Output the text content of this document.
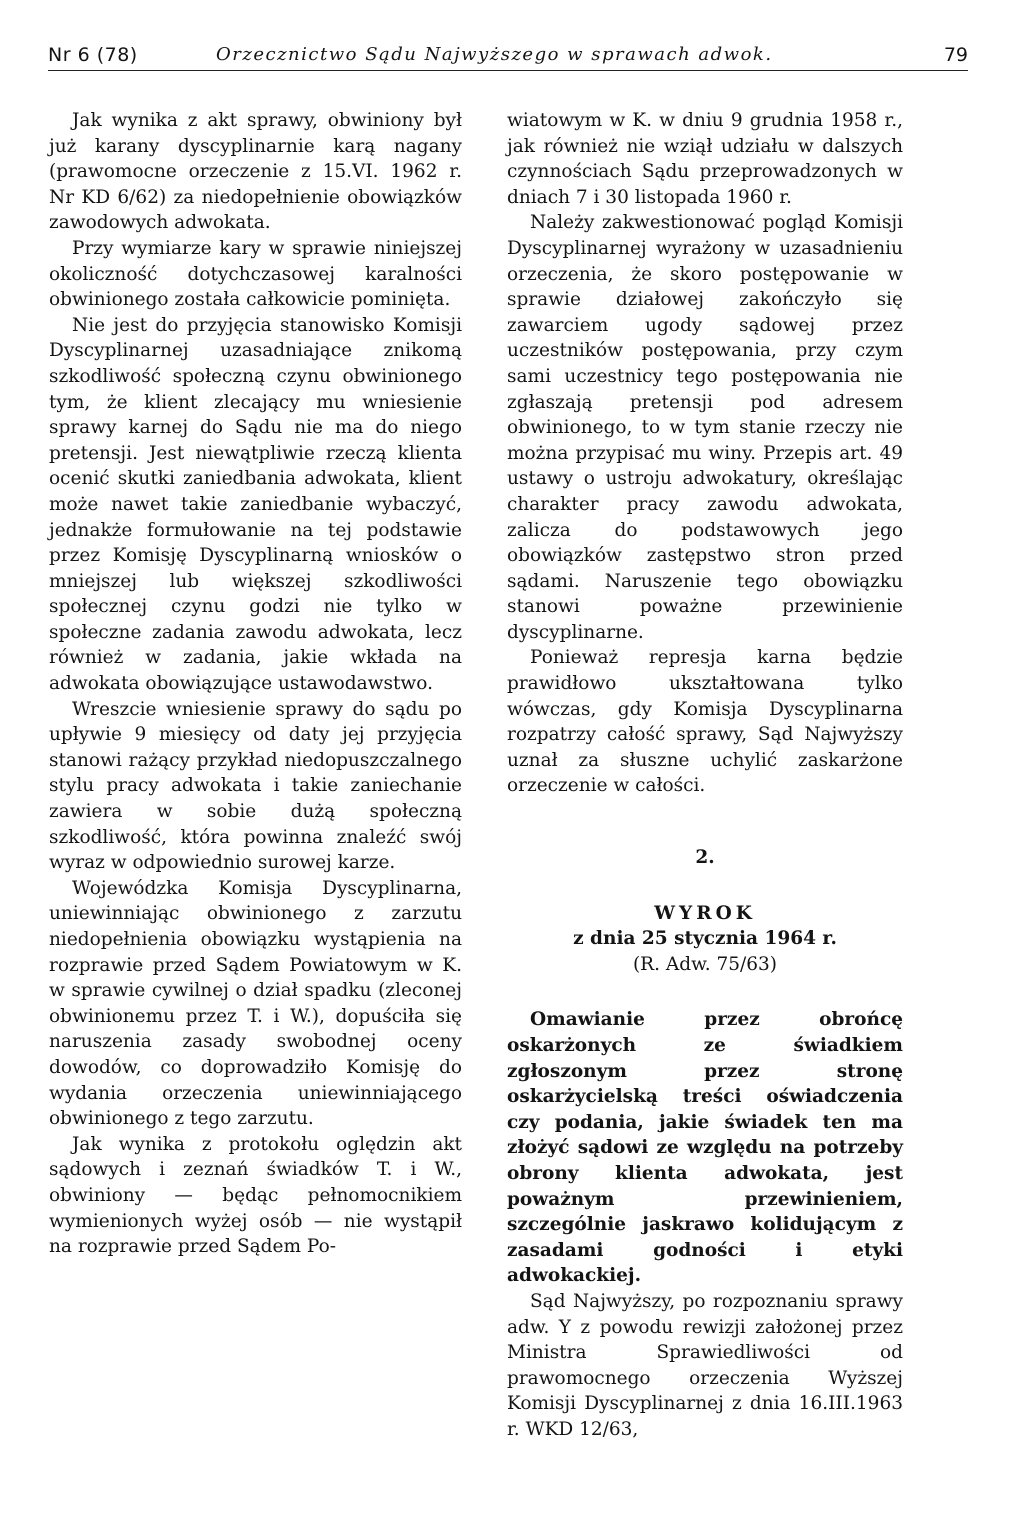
Nr 6 (78)	Orzecznictwo Sądu Najwyższego w sprawach adwok.	79

Jak wynika z akt sprawy, obwiniony był już karany dyscyplinarnie karą nagany (prawomocne orzeczenie z 15.VI. 1962 r. Nr KD 6/62) za niedopełnienie obowiązków zawodowych adwokata.

Przy wymiarze kary w sprawie niniejszej okoliczność dotychczasowej karalności obwinionego została całkowicie pominięta.

Nie jest do przyjęcia stanowisko Komisji Dyscyplinarnej uzasadniające znikomą szkodliwość społeczną czynu obwinionego tym, że klient zlecający mu wniesienie sprawy karnej do Sądu nie ma do niego pretensji. Jest niewątpliwie rzeczą klienta ocenić skutki zaniedbania adwokata, klient może nawet takie zaniedbanie wybaczyć, jednakże formułowanie na tej podstawie przez Komisję Dyscyplinarną wniosków o mniejszej lub większej szkodliwości społecznej czynu godzi nie tylko w społeczne zadania zawodu adwokata, lecz również w zadania, jakie wkłada na adwokata obowiązujące ustawodawstwo.

Wreszcie wniesienie sprawy do sądu po upływie 9 miesięcy od daty jej przyjęcia stanowi rażący przykład niedopuszczalnego stylu pracy adwokata i takie zaniechanie zawiera w sobie dużą społeczną szkodliwość, która powinna znaleźć swój wyraz w odpowiednio surowej karze.

Wojewódzka Komisja Dyscyplinarna, uniewinniając obwinionego z zarzutu niedopełnienia obowiązku wystąpienia na rozprawie przed Sądem Powiatowym w K. w sprawie cywilnej o dział spadku (zleconej obwinionemu przez T. i W.), dopuściła się naruszenia zasady swobodnej oceny dowodów, co doprowadziło Komisję do wydania orzeczenia uniewinniającego obwinionego z tego zarzutu.

Jak wynika z protokołu oględzin akt sądowych i zeznań świadków T. i W., obwiniony — będąc pełnomocnikiem wymienionych wyżej osób — nie wystąpił na rozprawie przed Sądem Po-

wiatowym w K. w dniu 9 grudnia 1958 r., jak również nie wziął udziału w dalszych czynnościach Sądu przeprowadzonych w dniach 7 i 30 listopada 1960 r.

Należy zakwestionować pogląd Komisji Dyscyplinarnej wyrażony w uzasadnieniu orzeczenia, że skoro postępowanie w sprawie działowej zakończyło się zawarciem ugody sądowej przez uczestników postępowania, przy czym sami uczestnicy tego postępowania nie zgłaszają pretensji pod adresem obwinionego, to w tym stanie rzeczy nie można przypisać mu winy. Przepis art. 49 ustawy o ustroju adwokatury, określając charakter pracy zawodu adwokata, zalicza do podstawowych jego obowiązków zastępstwo stron przed sądami. Naruszenie tego obowiązku stanowi poważne przewinienie dyscyplinarne.

Ponieważ represja karna będzie prawidłowo ukształtowana tylko wówczas, gdy Komisja Dyscyplinarna rozpatrzy całość sprawy, Sąd Najwyższy uznał za słuszne uchylić zaskarżone orzeczenie w całości.

2.
WYROK
z dnia 25 stycznia 1964 r.
(R. Adw. 75/63)

Omawianie przez obrońcę oskarżonych ze świadkiem zgłoszonym przez stronę oskarżycielską treści oświadczenia czy podania, jakie świadek ten ma złożyć sądowi ze względu na potrzeby obrony klienta adwokata, jest poważnym przewinieniem, szczególnie jaskrawo kolidującym z zasadami godności i etyki adwokackiej.

Sąd Najwyższy, po rozpoznaniu sprawy adw. Y z powodu rewizji założonej przez Ministra Sprawiedliwości od prawomocnego orzeczenia Wyższej Komisji Dyscyplinarnej z dnia 16.III.1963 r. WKD 12/63,
